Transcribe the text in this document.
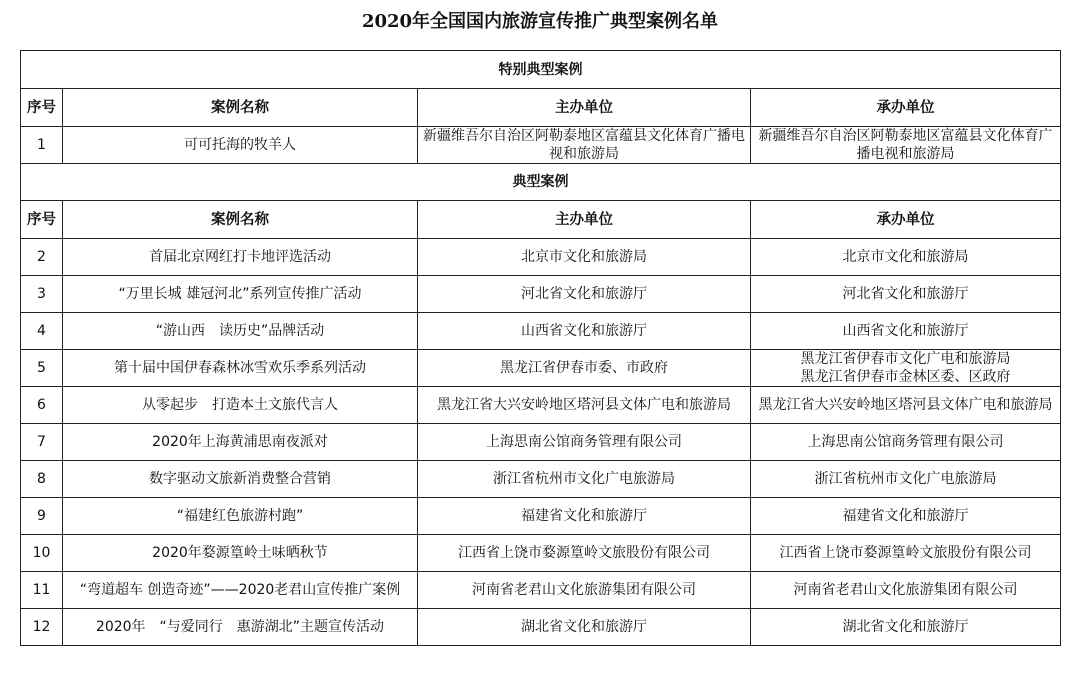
2020年全国国内旅游宣传推广典型案例名单
特别典型案例			
序号	案例名称	主办单位	承办单位
1	可可托海的牧羊人	新疆维吾尔自治区阿勒泰地区富蕴县文化体育广播电视和旅游局	新疆维吾尔自治区阿勒泰地区富蕴县文化体育广播电视和旅游局
典型案例			
序号	案例名称	主办单位	承办单位
2	首届北京网红打卡地评选活动	北京市文化和旅游局	北京市文化和旅游局
3	“万里长城 雄冠河北”系列宣传推广活动	河北省文化和旅游厅	河北省文化和旅游厅
4	“游山西　读历史”品牌活动	山西省文化和旅游厅	山西省文化和旅游厅
5	第十届中国伊春森林冰雪欢乐季系列活动	黑龙江省伊春市委、市政府	黑龙江省伊春市文化广电和旅游局
黑龙江省伊春市金林区委、区政府
6	从零起步　打造本土文旅代言人	黑龙江省大兴安岭地区塔河县文体广电和旅游局	黑龙江省大兴安岭地区塔河县文体广电和旅游局
7	2020年上海黄浦思南夜派对	上海思南公馆商务管理有限公司	上海思南公馆商务管理有限公司
8	数字驱动文旅新消费整合营销	浙江省杭州市文化广电旅游局	浙江省杭州市文化广电旅游局
9	“福建红色旅游村跑”	福建省文化和旅游厅	福建省文化和旅游厅
10	2020年婺源篁岭土味晒秋节	江西省上饶市婺源篁岭文旅股份有限公司	江西省上饶市婺源篁岭文旅股份有限公司
11	“弯道超车 创造奇迹”——2020老君山宣传推广案例	河南省老君山文化旅游集团有限公司	河南省老君山文化旅游集团有限公司
12	2020年　“与爱同行　惠游湖北”主题宣传活动	湖北省文化和旅游厅	湖北省文化和旅游厅
